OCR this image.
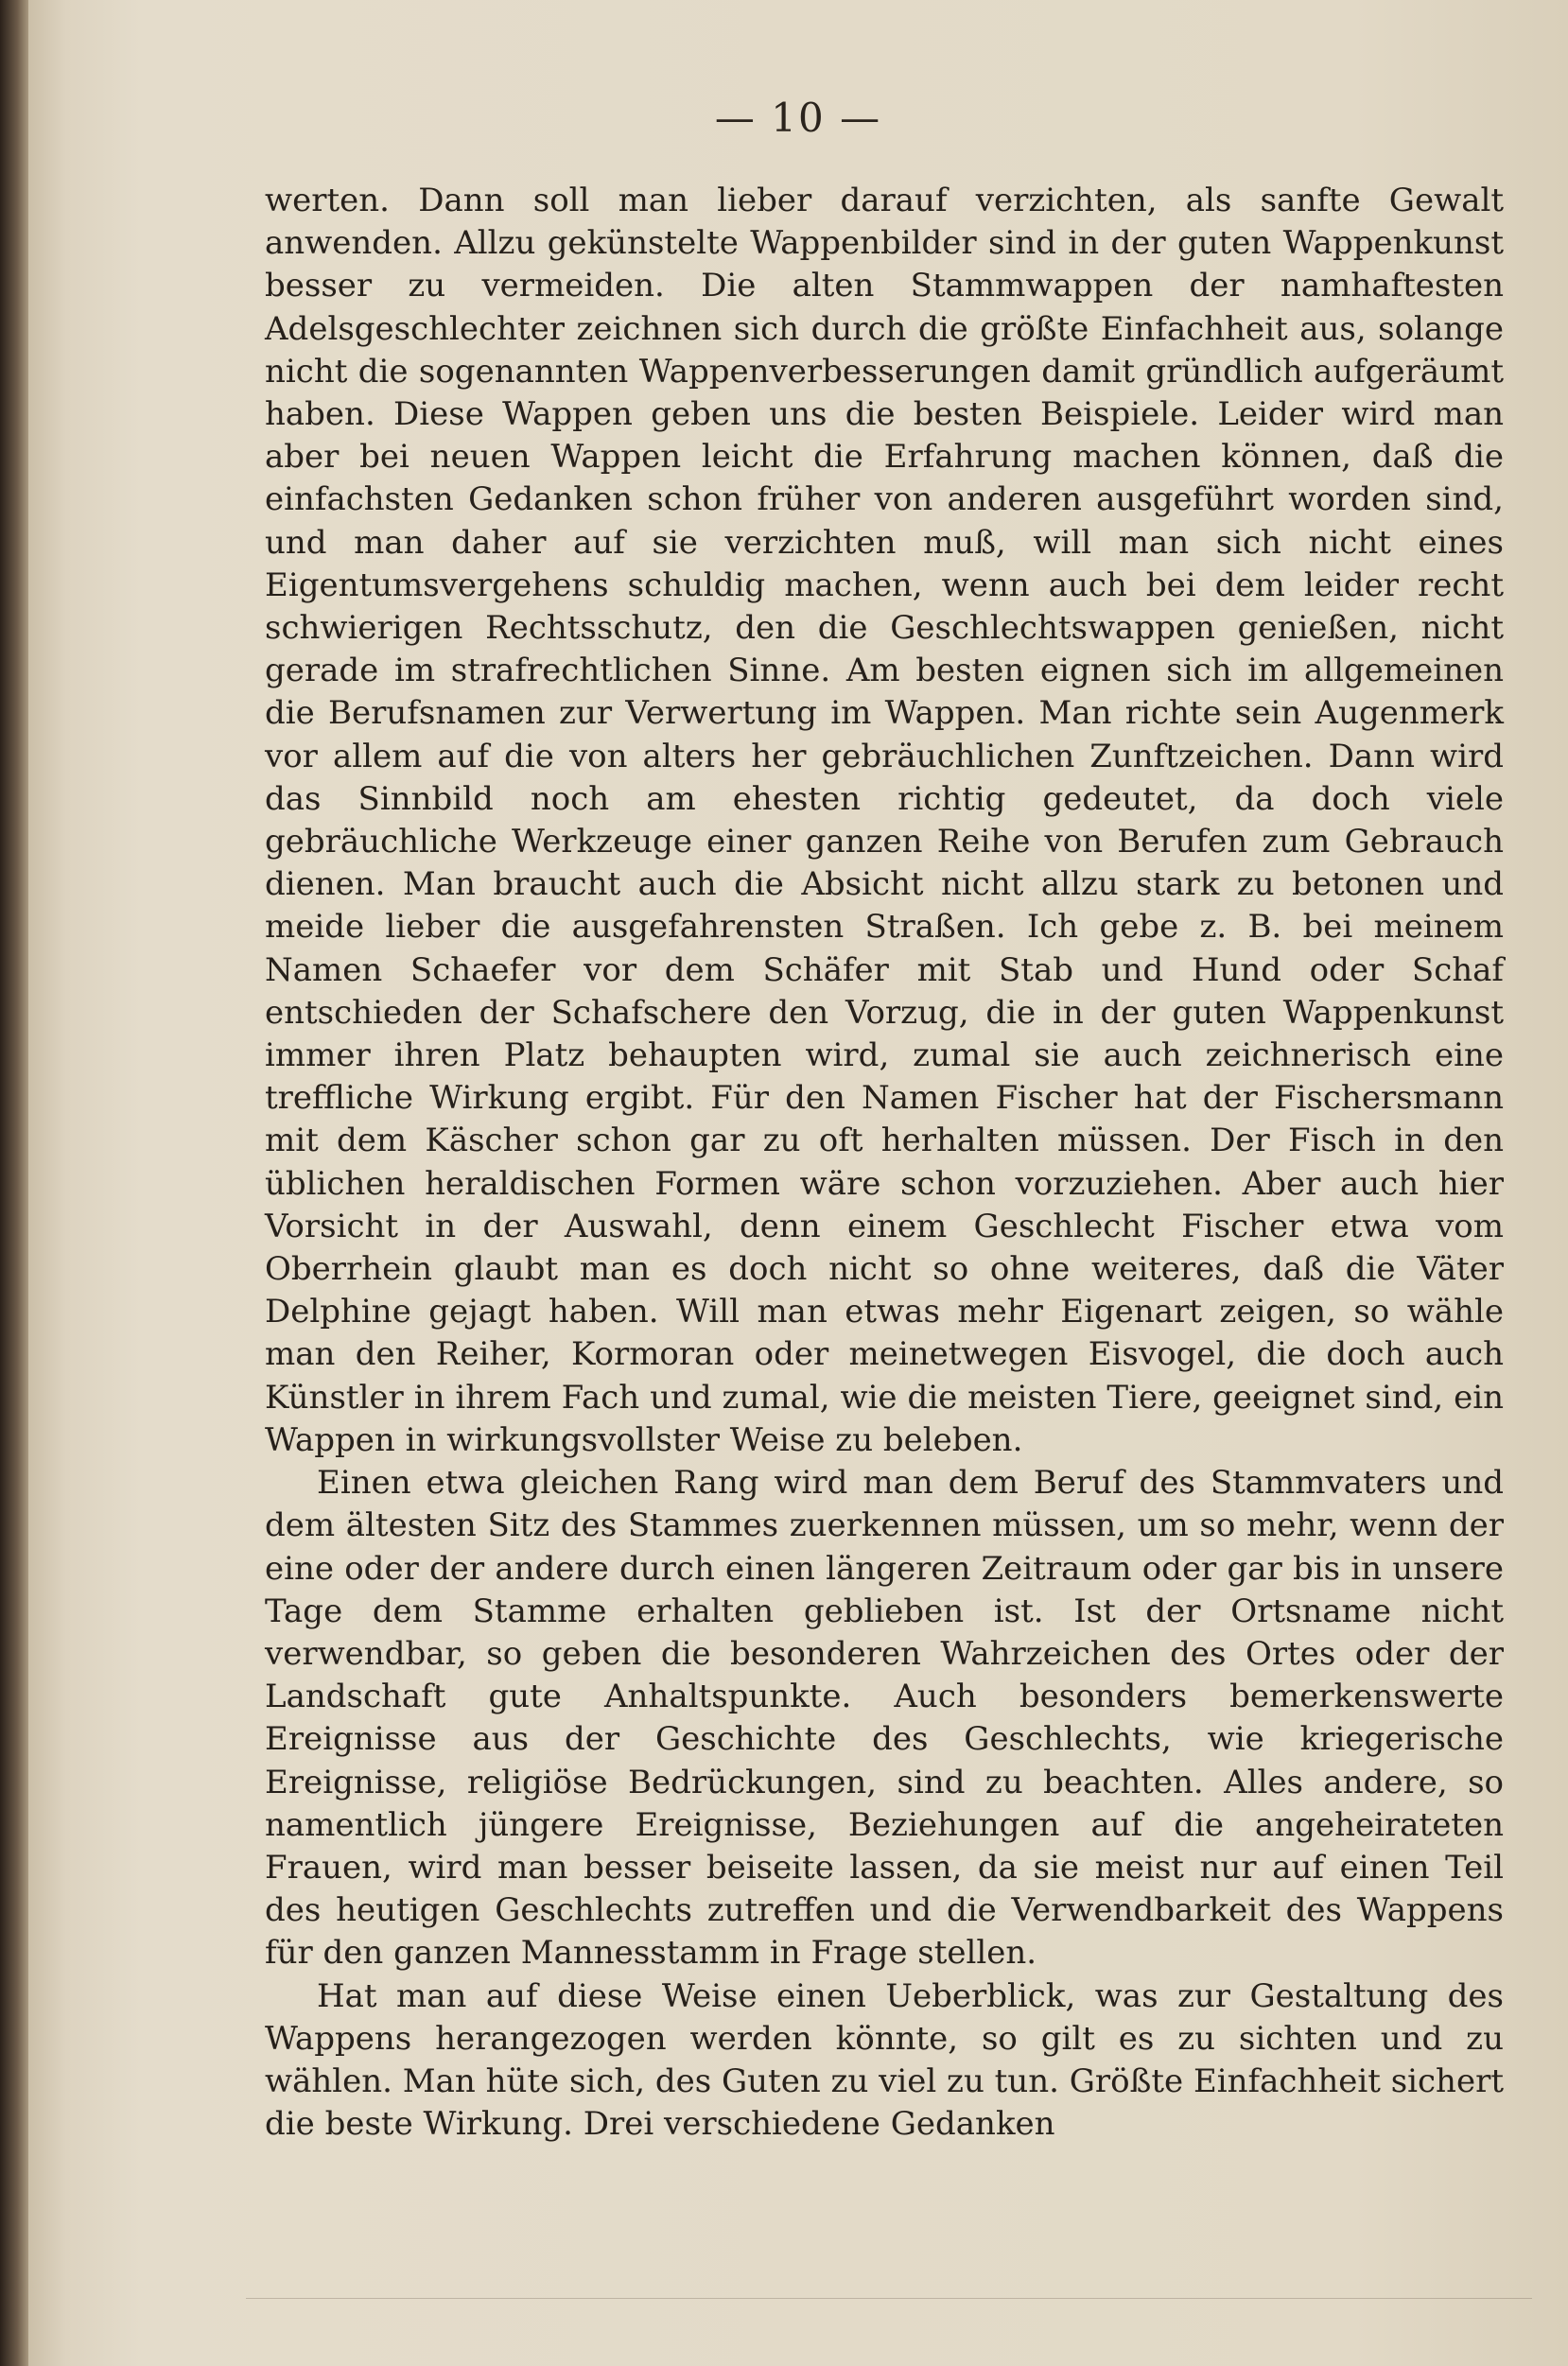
— 10 —

werten. Dann soll man lieber darauf verzichten, als sanfte Gewalt anwenden. Allzu gekünstelte Wappenbilder sind in der guten Wappenkunst besser zu vermeiden. Die alten Stammwappen der namhaftesten Adelsgeschlechter zeichnen sich durch die größte Einfachheit aus, solange nicht die sogenannten Wappenverbesserungen damit gründlich aufgeräumt haben. Diese Wappen geben uns die besten Beispiele. Leider wird man aber bei neuen Wappen leicht die Erfahrung machen können, daß die einfachsten Gedanken schon früher von anderen ausgeführt worden sind, und man daher auf sie verzichten muß, will man sich nicht eines Eigentumsvergehens schuldig machen, wenn auch bei dem leider recht schwierigen Rechtsschutz, den die Geschlechtswappen genießen, nicht gerade im strafrechtlichen Sinne. Am besten eignen sich im allgemeinen die Berufsnamen zur Verwertung im Wappen. Man richte sein Augenmerk vor allem auf die von alters her gebräuchlichen Zunftzeichen. Dann wird das Sinnbild noch am ehesten richtig gedeutet, da doch viele gebräuchliche Werkzeuge einer ganzen Reihe von Berufen zum Gebrauch dienen. Man braucht auch die Absicht nicht allzu stark zu betonen und meide lieber die ausgefahrensten Straßen. Ich gebe z. B. bei meinem Namen Schaefer vor dem Schäfer mit Stab und Hund oder Schaf entschieden der Schafschere den Vorzug, die in der guten Wappenkunst immer ihren Platz behaupten wird, zumal sie auch zeichnerisch eine treffliche Wirkung ergibt. Für den Namen Fischer hat der Fischersmann mit dem Käscher schon gar zu oft herhalten müssen. Der Fisch in den üblichen heraldischen Formen wäre schon vorzuziehen. Aber auch hier Vorsicht in der Auswahl, denn einem Geschlecht Fischer etwa vom Oberrhein glaubt man es doch nicht so ohne weiteres, daß die Väter Delphine gejagt haben. Will man etwas mehr Eigenart zeigen, so wähle man den Reiher, Kormoran oder meinetwegen Eisvogel, die doch auch Künstler in ihrem Fach und zumal, wie die meisten Tiere, geeignet sind, ein Wappen in wirkungsvollster Weise zu beleben.

Einen etwa gleichen Rang wird man dem Beruf des Stammvaters und dem ältesten Sitz des Stammes zuerkennen müssen, um so mehr, wenn der eine oder der andere durch einen längeren Zeitraum oder gar bis in unsere Tage dem Stamme erhalten geblieben ist. Ist der Ortsname nicht verwendbar, so geben die besonderen Wahrzeichen des Ortes oder der Landschaft gute Anhaltspunkte. Auch besonders bemerkenswerte Ereignisse aus der Geschichte des Geschlechts, wie kriegerische Ereignisse, religiöse Bedrückungen, sind zu beachten. Alles andere, so namentlich jüngere Ereignisse, Beziehungen auf die angeheirateten Frauen, wird man besser beiseite lassen, da sie meist nur auf einen Teil des heutigen Geschlechts zutreffen und die Verwendbarkeit des Wappens für den ganzen Mannesstamm in Frage stellen.

Hat man auf diese Weise einen Ueberblick, was zur Gestaltung des Wappens herangezogen werden könnte, so gilt es zu sichten und zu wählen. Man hüte sich, des Guten zu viel zu tun. Größte Einfachheit sichert die beste Wirkung. Drei verschiedene Gedanken
